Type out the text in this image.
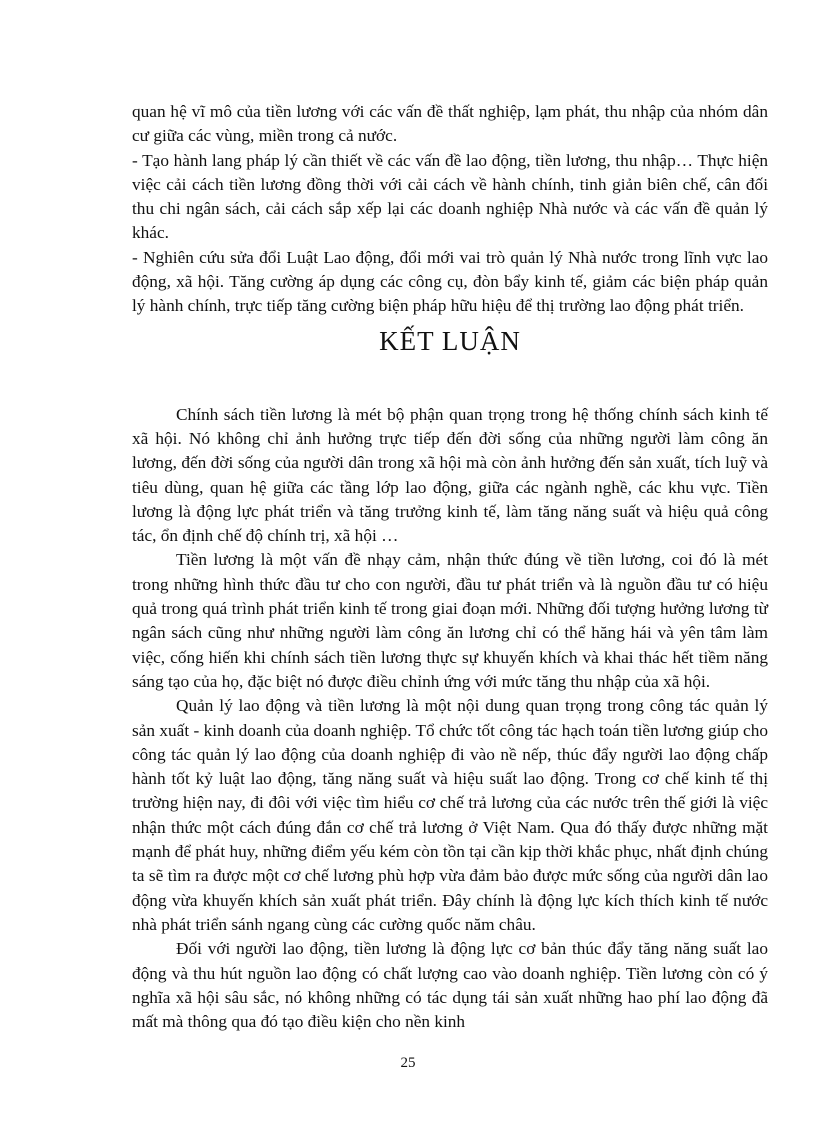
quan hệ vĩ mô của tiền lương với các vấn đề thất nghiệp, lạm phát, thu nhập của nhóm dân cư giữa các vùng, miền trong cả nước.

- Tạo hành lang pháp lý cần thiết về các vấn đề lao động, tiền lương, thu nhập… Thực hiện việc cải cách tiền lương đồng thời với cải cách về hành chính, tinh giản biên chế, cân đối thu chi ngân sách, cải cách sắp xếp lại các doanh nghiệp Nhà nước và các vấn đề quản lý khác.

- Nghiên cứu sửa đổi Luật Lao động, đổi mới vai trò quản lý Nhà nước trong lĩnh vực lao động, xã hội. Tăng cường áp dụng các công cụ, đòn bẩy kinh tế, giảm các biện pháp quản lý hành chính, trực tiếp tăng cường biện pháp hữu hiệu để thị trường lao động phát triển.

KẾT LUẬN

Chính sách tiền lương là mét bộ phận quan trọng trong hệ thống chính sách kinh tế xã hội. Nó không chỉ ảnh hưởng trực tiếp đến đời sống của những người làm công ăn lương, đến đời sống của người dân trong xã hội mà còn ảnh hưởng đến sản xuất, tích luỹ và tiêu dùng, quan hệ giữa các tầng lớp lao động, giữa các ngành nghề, các khu vực. Tiền lương là động lực phát triển và tăng trưởng kinh tế, làm tăng năng suất và hiệu quả công tác, ổn định chế độ chính trị, xã hội …

Tiền lương là một vấn đề nhạy cảm, nhận thức đúng về tiền lương, coi đó là mét trong những hình thức đầu tư cho con người, đầu tư phát triển và là nguồn đầu tư có hiệu quả trong quá trình phát triển kinh tế trong giai đoạn mới. Những đối tượng hưởng lương từ ngân sách cũng như những người làm công ăn lương chỉ có thể hăng hái và yên tâm làm việc, cống hiến khi chính sách tiền lương thực sự khuyến khích và khai thác hết tiềm năng sáng tạo của họ, đặc biệt nó được điều chỉnh ứng với mức tăng thu nhập của xã hội.

Quản lý lao động và tiền lương là một nội dung quan trọng trong công tác quản lý sản xuất - kinh doanh của doanh nghiệp. Tổ chức tốt công tác hạch toán tiền lương giúp cho công tác quản lý lao động của doanh nghiệp đi vào nề nếp, thúc đẩy người lao động chấp hành tốt kỷ luật lao động, tăng năng suất và hiệu suất lao động. Trong cơ chế kinh tế thị trường hiện nay, đi đôi với việc tìm hiểu cơ chế trả lương của các nước trên thế giới là việc nhận thức một cách đúng đắn cơ chế trả lương ở Việt Nam. Qua đó thấy được những mặt mạnh để phát huy, những điểm yếu kém còn tồn tại cần kịp thời khắc phục, nhất định chúng ta sẽ tìm ra được một cơ chế lương phù hợp vừa đảm bảo được mức sống của người dân lao động vừa khuyến khích sản xuất phát triển. Đây chính là động lực kích thích kinh tế nước nhà phát triển sánh ngang cùng các cường quốc năm châu.

Đối với người lao động, tiền lương là động lực cơ bản thúc đẩy tăng năng suất lao động và thu hút nguồn lao động có chất lượng cao vào doanh nghiệp. Tiền lương còn có ý nghĩa xã hội sâu sắc, nó không những có tác dụng tái sản xuất những hao phí lao động đã mất mà thông qua đó tạo điều kiện cho nền kinh

25
